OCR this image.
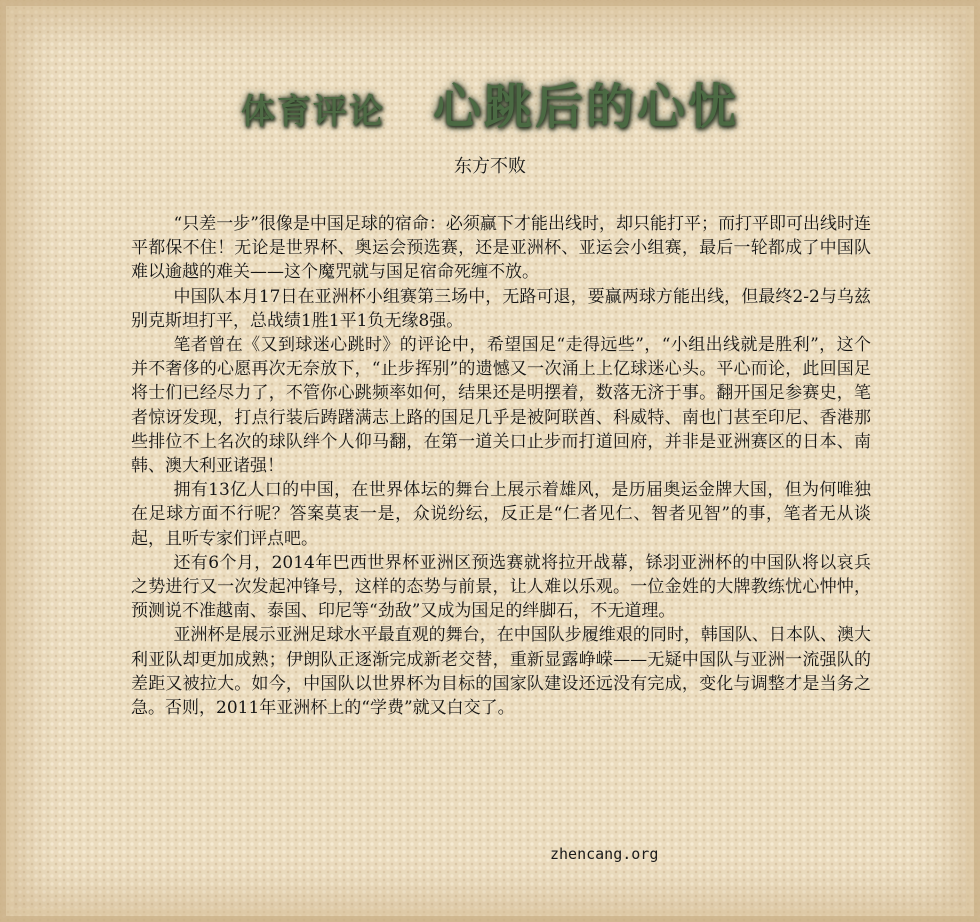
体育评论 心跳后的心忧
东方不败

“只差一步”很像是中国足球的宿命：必须赢下才能出线时，却只能打平；而打平即可出线时连平都保不住！无论是世界杯、奥运会预选赛，还是亚洲杯、亚运会小组赛，最后一轮都成了中国队难以逾越的难关——这个魔咒就与国足宿命死缠不放。

中国队本月17日在亚洲杯小组赛第三场中，无路可退，要赢两球方能出线，但最终2-2与乌兹别克斯坦打平，总战绩1胜1平1负无缘8强。

笔者曾在《又到球迷心跳时》的评论中，希望国足“走得远些”，“小组出线就是胜利”，这个并不奢侈的心愿再次无奈放下，“止步挥别”的遗憾又一次涌上上亿球迷心头。平心而论，此回国足将士们已经尽力了，不管你心跳频率如何，结果还是明摆着，数落无济于事。翻开国足参赛史，笔者惊讶发现，打点行装后踌躇满志上路的国足几乎是被阿联酋、科威特、南也门甚至印尼、香港那些排位不上名次的球队绊个人仰马翻，在第一道关口止步而打道回府，并非是亚洲赛区的日本、南韩、澳大利亚诸强！

拥有13亿人口的中国，在世界体坛的舞台上展示着雄风，是历届奥运金牌大国，但为何唯独在足球方面不行呢？答案莫衷一是，众说纷纭，反正是“仁者见仁、智者见智”的事，笔者无从谈起，且听专家们评点吧。

还有6个月，2014年巴西世界杯亚洲区预选赛就将拉开战幕，铩羽亚洲杯的中国队将以哀兵之势进行又一次发起冲锋号，这样的态势与前景，让人难以乐观。一位金姓的大牌教练忧心忡忡，预测说不准越南、泰国、印尼等“劲敌”又成为国足的绊脚石，不无道理。

亚洲杯是展示亚洲足球水平最直观的舞台，在中国队步履维艰的同时，韩国队、日本队、澳大利亚队却更加成熟；伊朗队正逐渐完成新老交替，重新显露峥嵘——无疑中国队与亚洲一流强队的差距又被拉大。如今，中国队以世界杯为目标的国家队建设还远没有完成，变化与调整才是当务之急。否则，2011年亚洲杯上的“学费”就又白交了。

zhencang.org
